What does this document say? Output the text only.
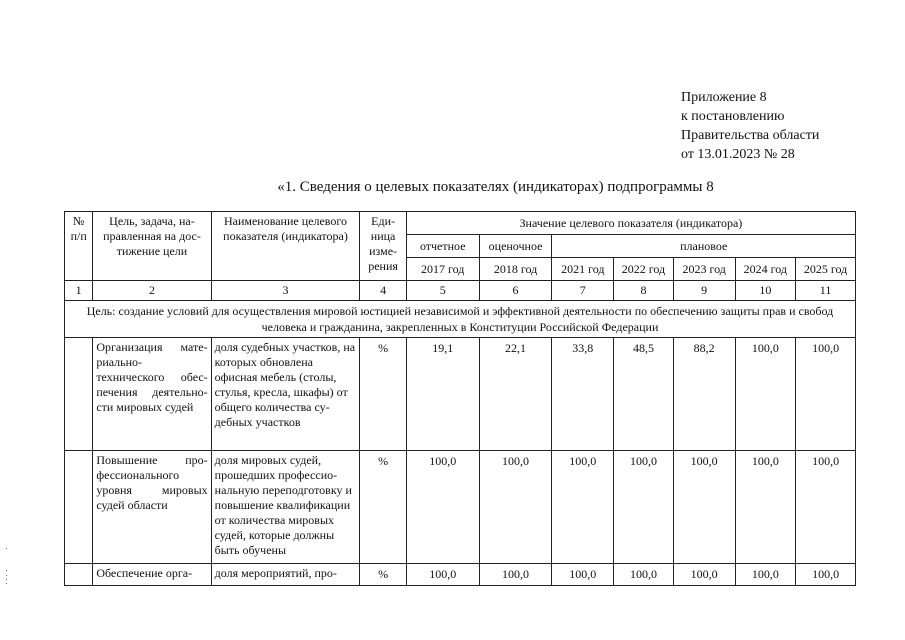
Приложение 8
к постановлению
Правительства области
от 13.01.2023 № 28
«1. Сведения о целевых показателях (индикаторах) подпрограммы 8
№ п/п	Цель, задача, направленная на достижение цели	Наименование целевого показателя (индикатора)	Единица измерения	Значение целевого показателя (индикатора)						
				отчетное	оценочное	плановое				
				2017 год	2018 год	2021 год	2022 год	2023 год	2024 год	2025 год
1	2	3	4	5	6	7	8	9	10	11
Цель: создание условий для осуществления мировой юстицией независимой и эффективной деятельности по обеспечению защиты прав и свобод человека и гражданина, закрепленных в Конституции Российской Федерации										
	Организация материально-технического обеспечения деятельности мировых судей	доля судебных участков, на которых обновлена офисная мебель (столы, стулья, кресла, шкафы) от общего количества судебных участков	%	19,1	22,1	33,8	48,5	88,2	100,0	100,0
	Повышение профессионального уровня мировых судей области	доля мировых судей, прошедших профессиональную переподготовку и повышение квалификации от количества мировых судей, которые должны быть обучены	%	100,0	100,0	100,0	100,0	100,0	100,0	100,0
	Обеспечение орга-	доля мероприятий, про-	%	100,0	100,0	100,0	100,0	100,0	100,0	100,0
